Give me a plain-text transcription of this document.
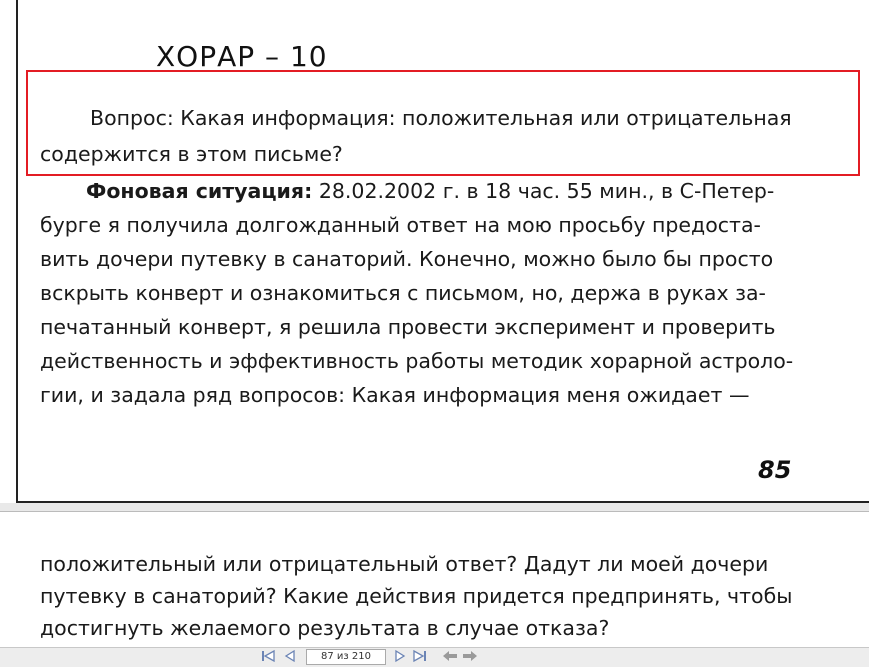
ХОРАР – 10
Вопрос: Какая информация: положительная или отрицательная
содержится в этом письме?
Фоновая ситуация: 28.02.2002 г. в 18 час. 55 мин., в С-Петер-
бурге я получила долгожданный ответ на мою просьбу предоста-
вить дочери путевку в санаторий. Конечно, можно было бы просто
вскрыть конверт и ознакомиться с письмом, но, держа в руках за-
печатанный конверт, я решила провести эксперимент и проверить
действенность и эффективность работы методик хорарной астроло-
гии, и задала ряд вопросов: Какая информация меня ожидает —
85
положительный или отрицательный ответ? Дадут ли моей дочери
путевку в санаторий? Какие действия придется предпринять, чтобы
достигнуть желаемого результата в случае отказа?
87 из 210
